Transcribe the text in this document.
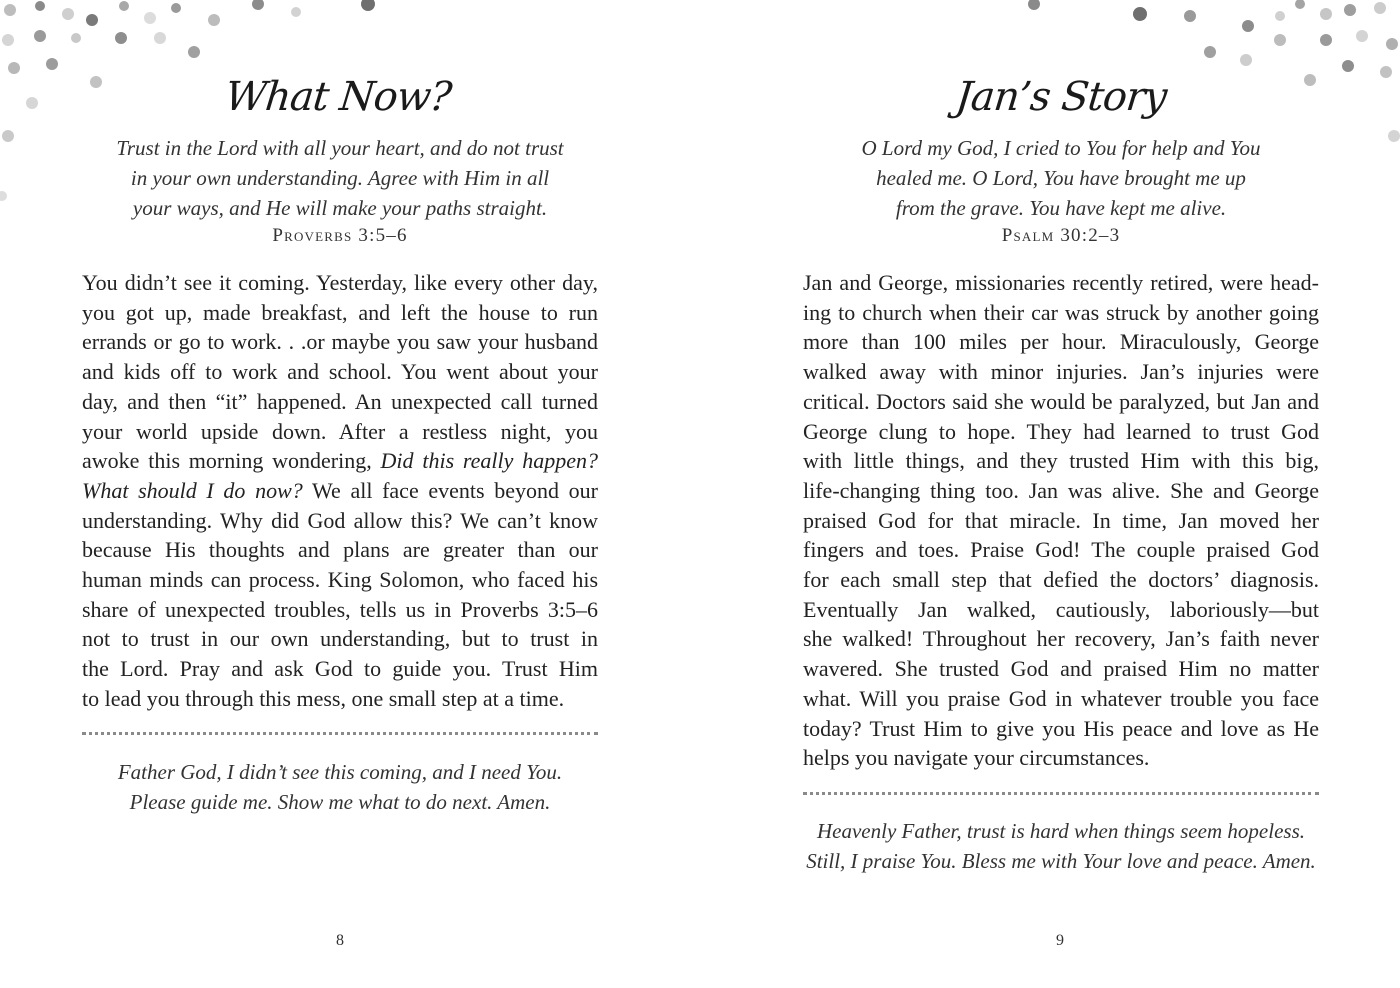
What Now?
Trust in the Lord with all your heart, and do not trust
in your own understanding. Agree with Him in all
your ways, and He will make your paths straight.
Proverbs 3:5–6
You didn’t see it coming. Yesterday, like every other day,
you got up, made breakfast, and left the house to run
errands or go to work. . .or maybe you saw your husband
and kids off to work and school. You went about your
day, and then “it” happened. An unexpected call turned
your world upside down. After a restless night, you
awoke this morning wondering, Did this really happen?
What should I do now? We all face events beyond our
understanding. Why did God allow this? We can’t know
because His thoughts and plans are greater than our
human minds can process. King Solomon, who faced his
share of unexpected troubles, tells us in Proverbs 3:5–6
not to trust in our own understanding, but to trust in
the Lord. Pray and ask God to guide you. Trust Him
to lead you through this mess, one small step at a time.
Father God, I didn’t see this coming, and I need You.
Please guide me. Show me what to do next. Amen.
8
Jan’s Story
O Lord my God, I cried to You for help and You
healed me. O Lord, You have brought me up
from the grave. You have kept me alive.
Psalm 30:2–3
Jan and George, missionaries recently retired, were head-
ing to church when their car was struck by another going
more than 100 miles per hour. Miraculously, George
walked away with minor injuries. Jan’s injuries were
critical. Doctors said she would be paralyzed, but Jan and
George clung to hope. They had learned to trust God
with little things, and they trusted Him with this big,
life-changing thing too. Jan was alive. She and George
praised God for that miracle. In time, Jan moved her
fingers and toes. Praise God! The couple praised God
for each small step that defied the doctors’ diagnosis.
Eventually Jan walked, cautiously, laboriously—but
she walked! Throughout her recovery, Jan’s faith never
wavered. She trusted God and praised Him no matter
what. Will you praise God in whatever trouble you face
today? Trust Him to give you His peace and love as He
helps you navigate your circumstances.
Heavenly Father, trust is hard when things seem hopeless.
Still, I praise You. Bless me with Your love and peace. Amen.
9
